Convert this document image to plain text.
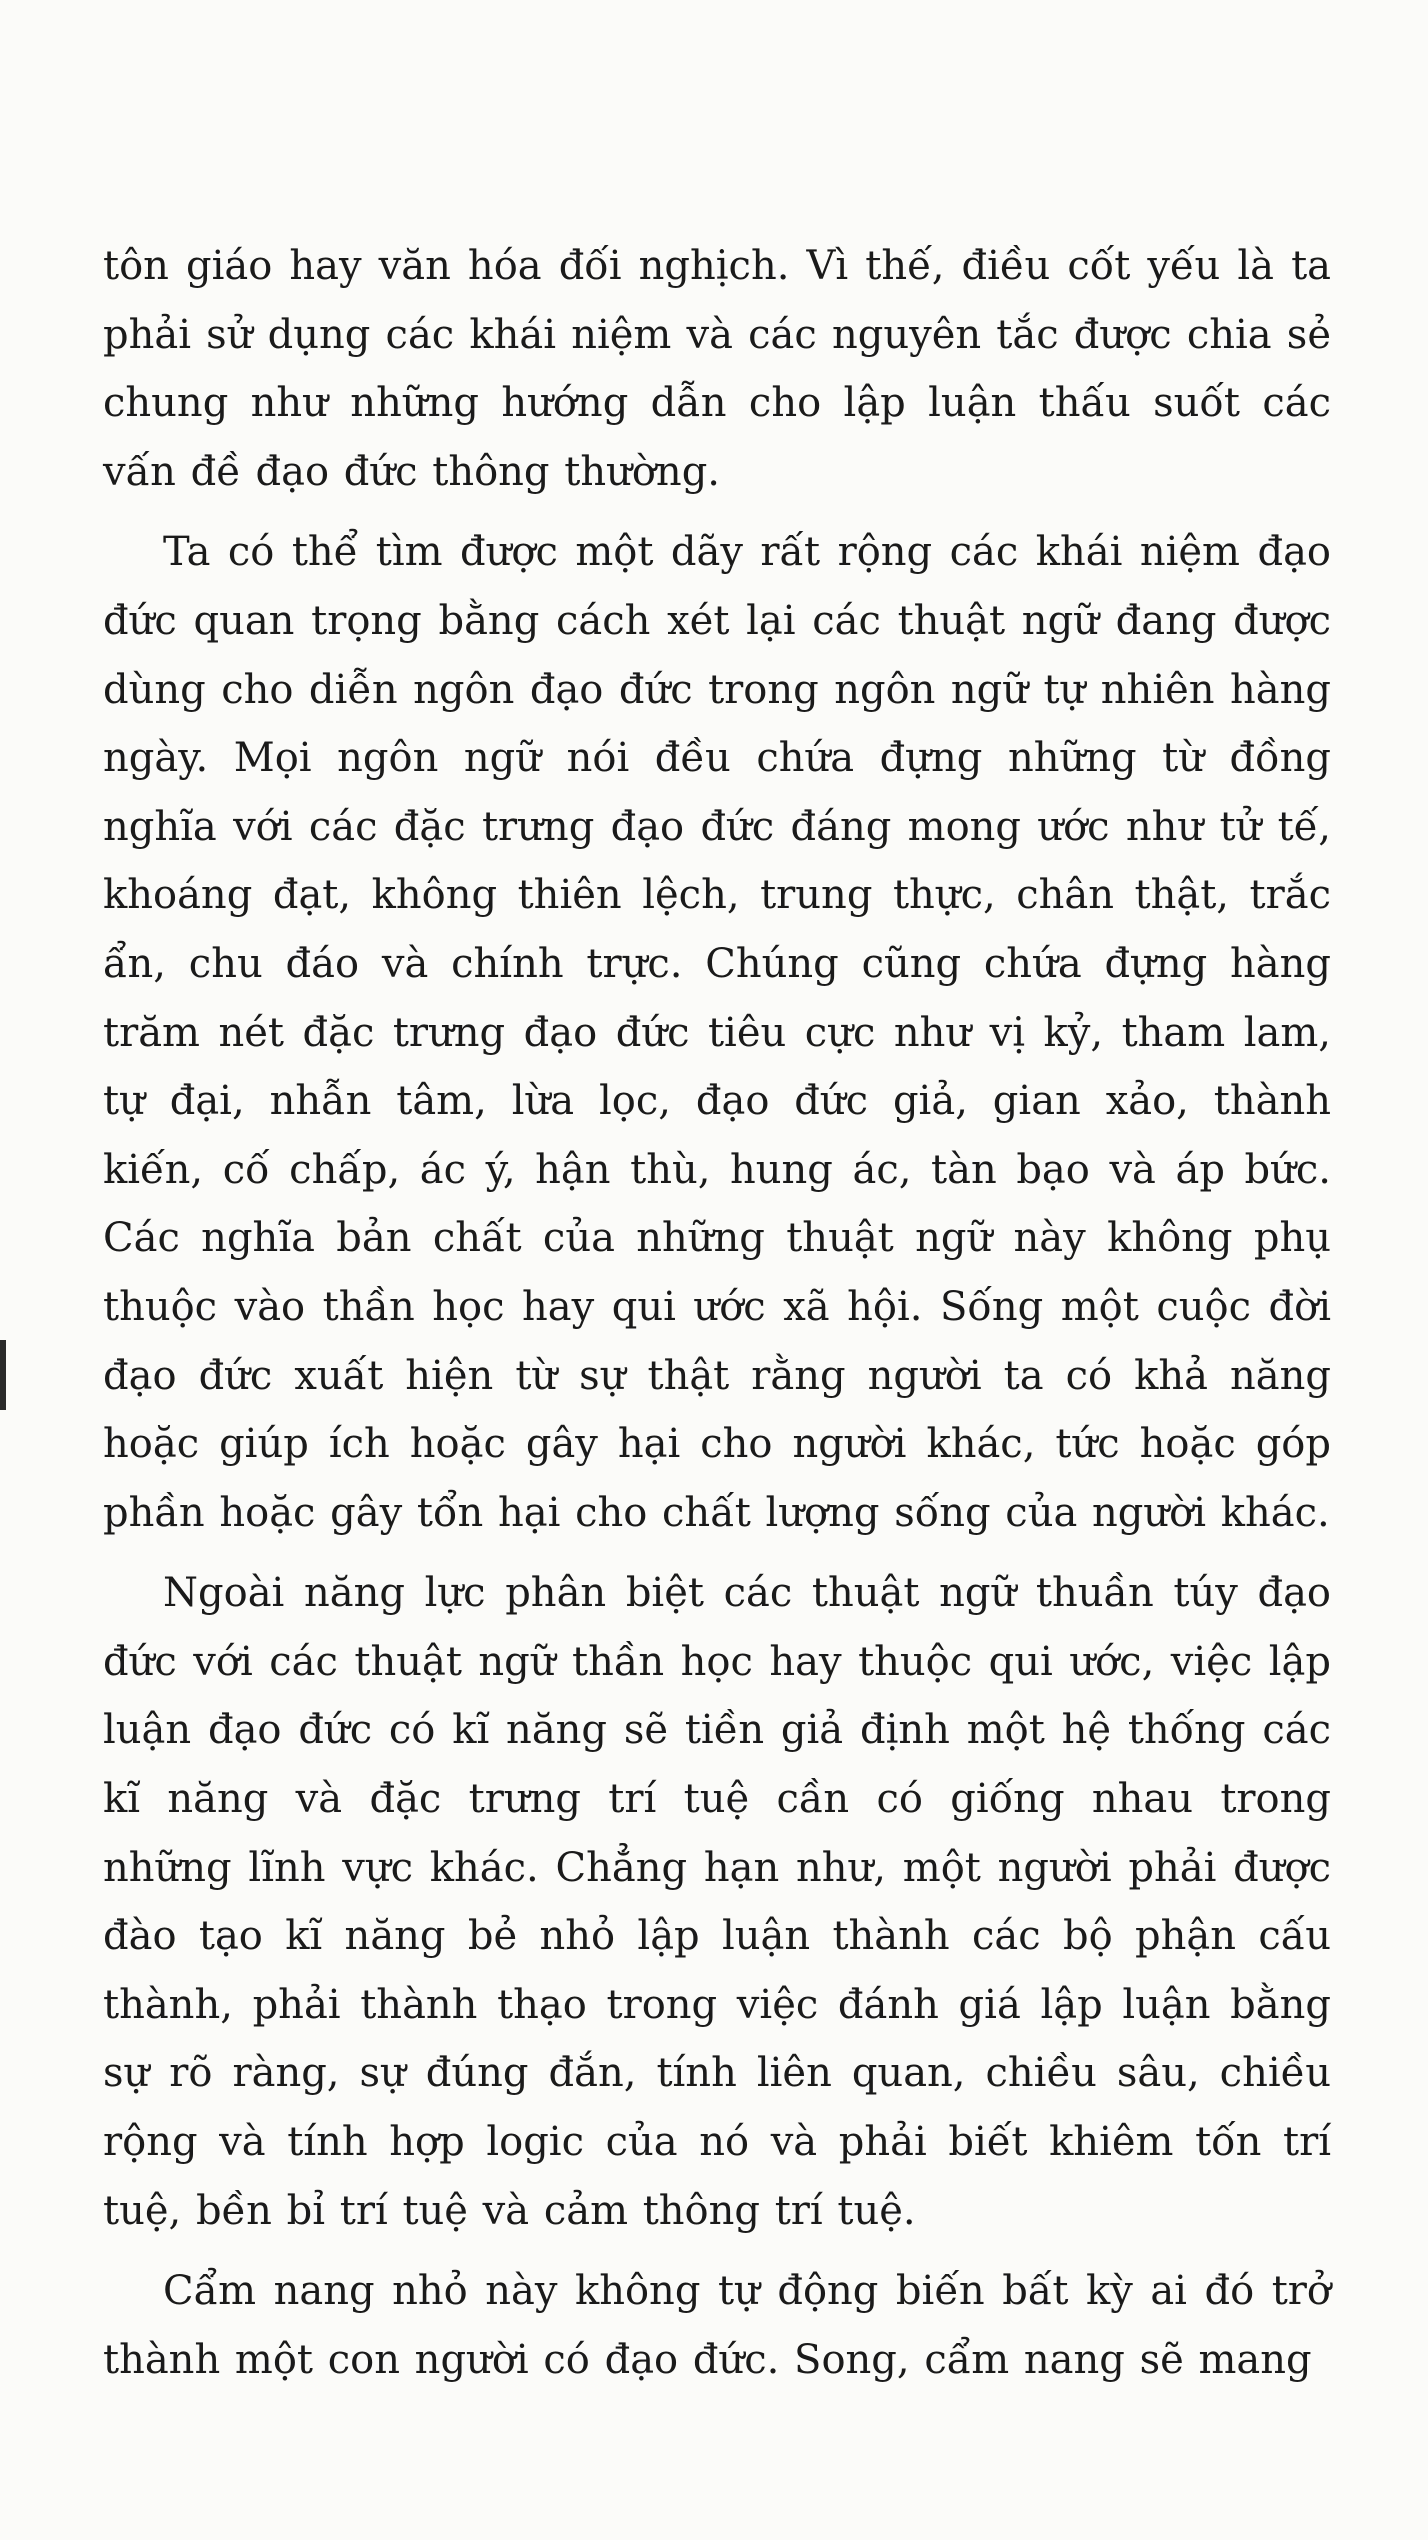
tôn giáo hay văn hóa đối nghịch. Vì thế, điều cốt yếu là ta phải sử dụng các khái niệm và các nguyên tắc được chia sẻ chung như những hướng dẫn cho lập luận thấu suốt các vấn đề đạo đức thông thường.

Ta có thể tìm được một dãy rất rộng các khái niệm đạo đức quan trọng bằng cách xét lại các thuật ngữ đang được dùng cho diễn ngôn đạo đức trong ngôn ngữ tự nhiên hàng ngày. Mọi ngôn ngữ nói đều chứa đựng những từ đồng nghĩa với các đặc trưng đạo đức đáng mong ước như tử tế, khoáng đạt, không thiên lệch, trung thực, chân thật, trắc ẩn, chu đáo và chính trực. Chúng cũng chứa đựng hàng trăm nét đặc trưng đạo đức tiêu cực như vị kỷ, tham lam, tự đại, nhẫn tâm, lừa lọc, đạo đức giả, gian xảo, thành kiến, cố chấp, ác ý, hận thù, hung ác, tàn bạo và áp bức. Các nghĩa bản chất của những thuật ngữ này không phụ thuộc vào thần học hay qui ước xã hội. Sống một cuộc đời đạo đức xuất hiện từ sự thật rằng người ta có khả năng hoặc giúp ích hoặc gây hại cho người khác, tức hoặc góp phần hoặc gây tổn hại cho chất lượng sống của người khác.

Ngoài năng lực phân biệt các thuật ngữ thuần túy đạo đức với các thuật ngữ thần học hay thuộc qui ước, việc lập luận đạo đức có kĩ năng sẽ tiền giả định một hệ thống các kĩ năng và đặc trưng trí tuệ cần có giống nhau trong những lĩnh vực khác. Chẳng hạn như, một người phải được đào tạo kĩ năng bẻ nhỏ lập luận thành các bộ phận cấu thành, phải thành thạo trong việc đánh giá lập luận bằng sự rõ ràng, sự đúng đắn, tính liên quan, chiều sâu, chiều rộng và tính hợp logic của nó và phải biết khiêm tốn trí tuệ, bền bỉ trí tuệ và cảm thông trí tuệ.

Cẩm nang nhỏ này không tự động biến bất kỳ ai đó trở thành một con người có đạo đức. Song, cẩm nang sẽ mang
